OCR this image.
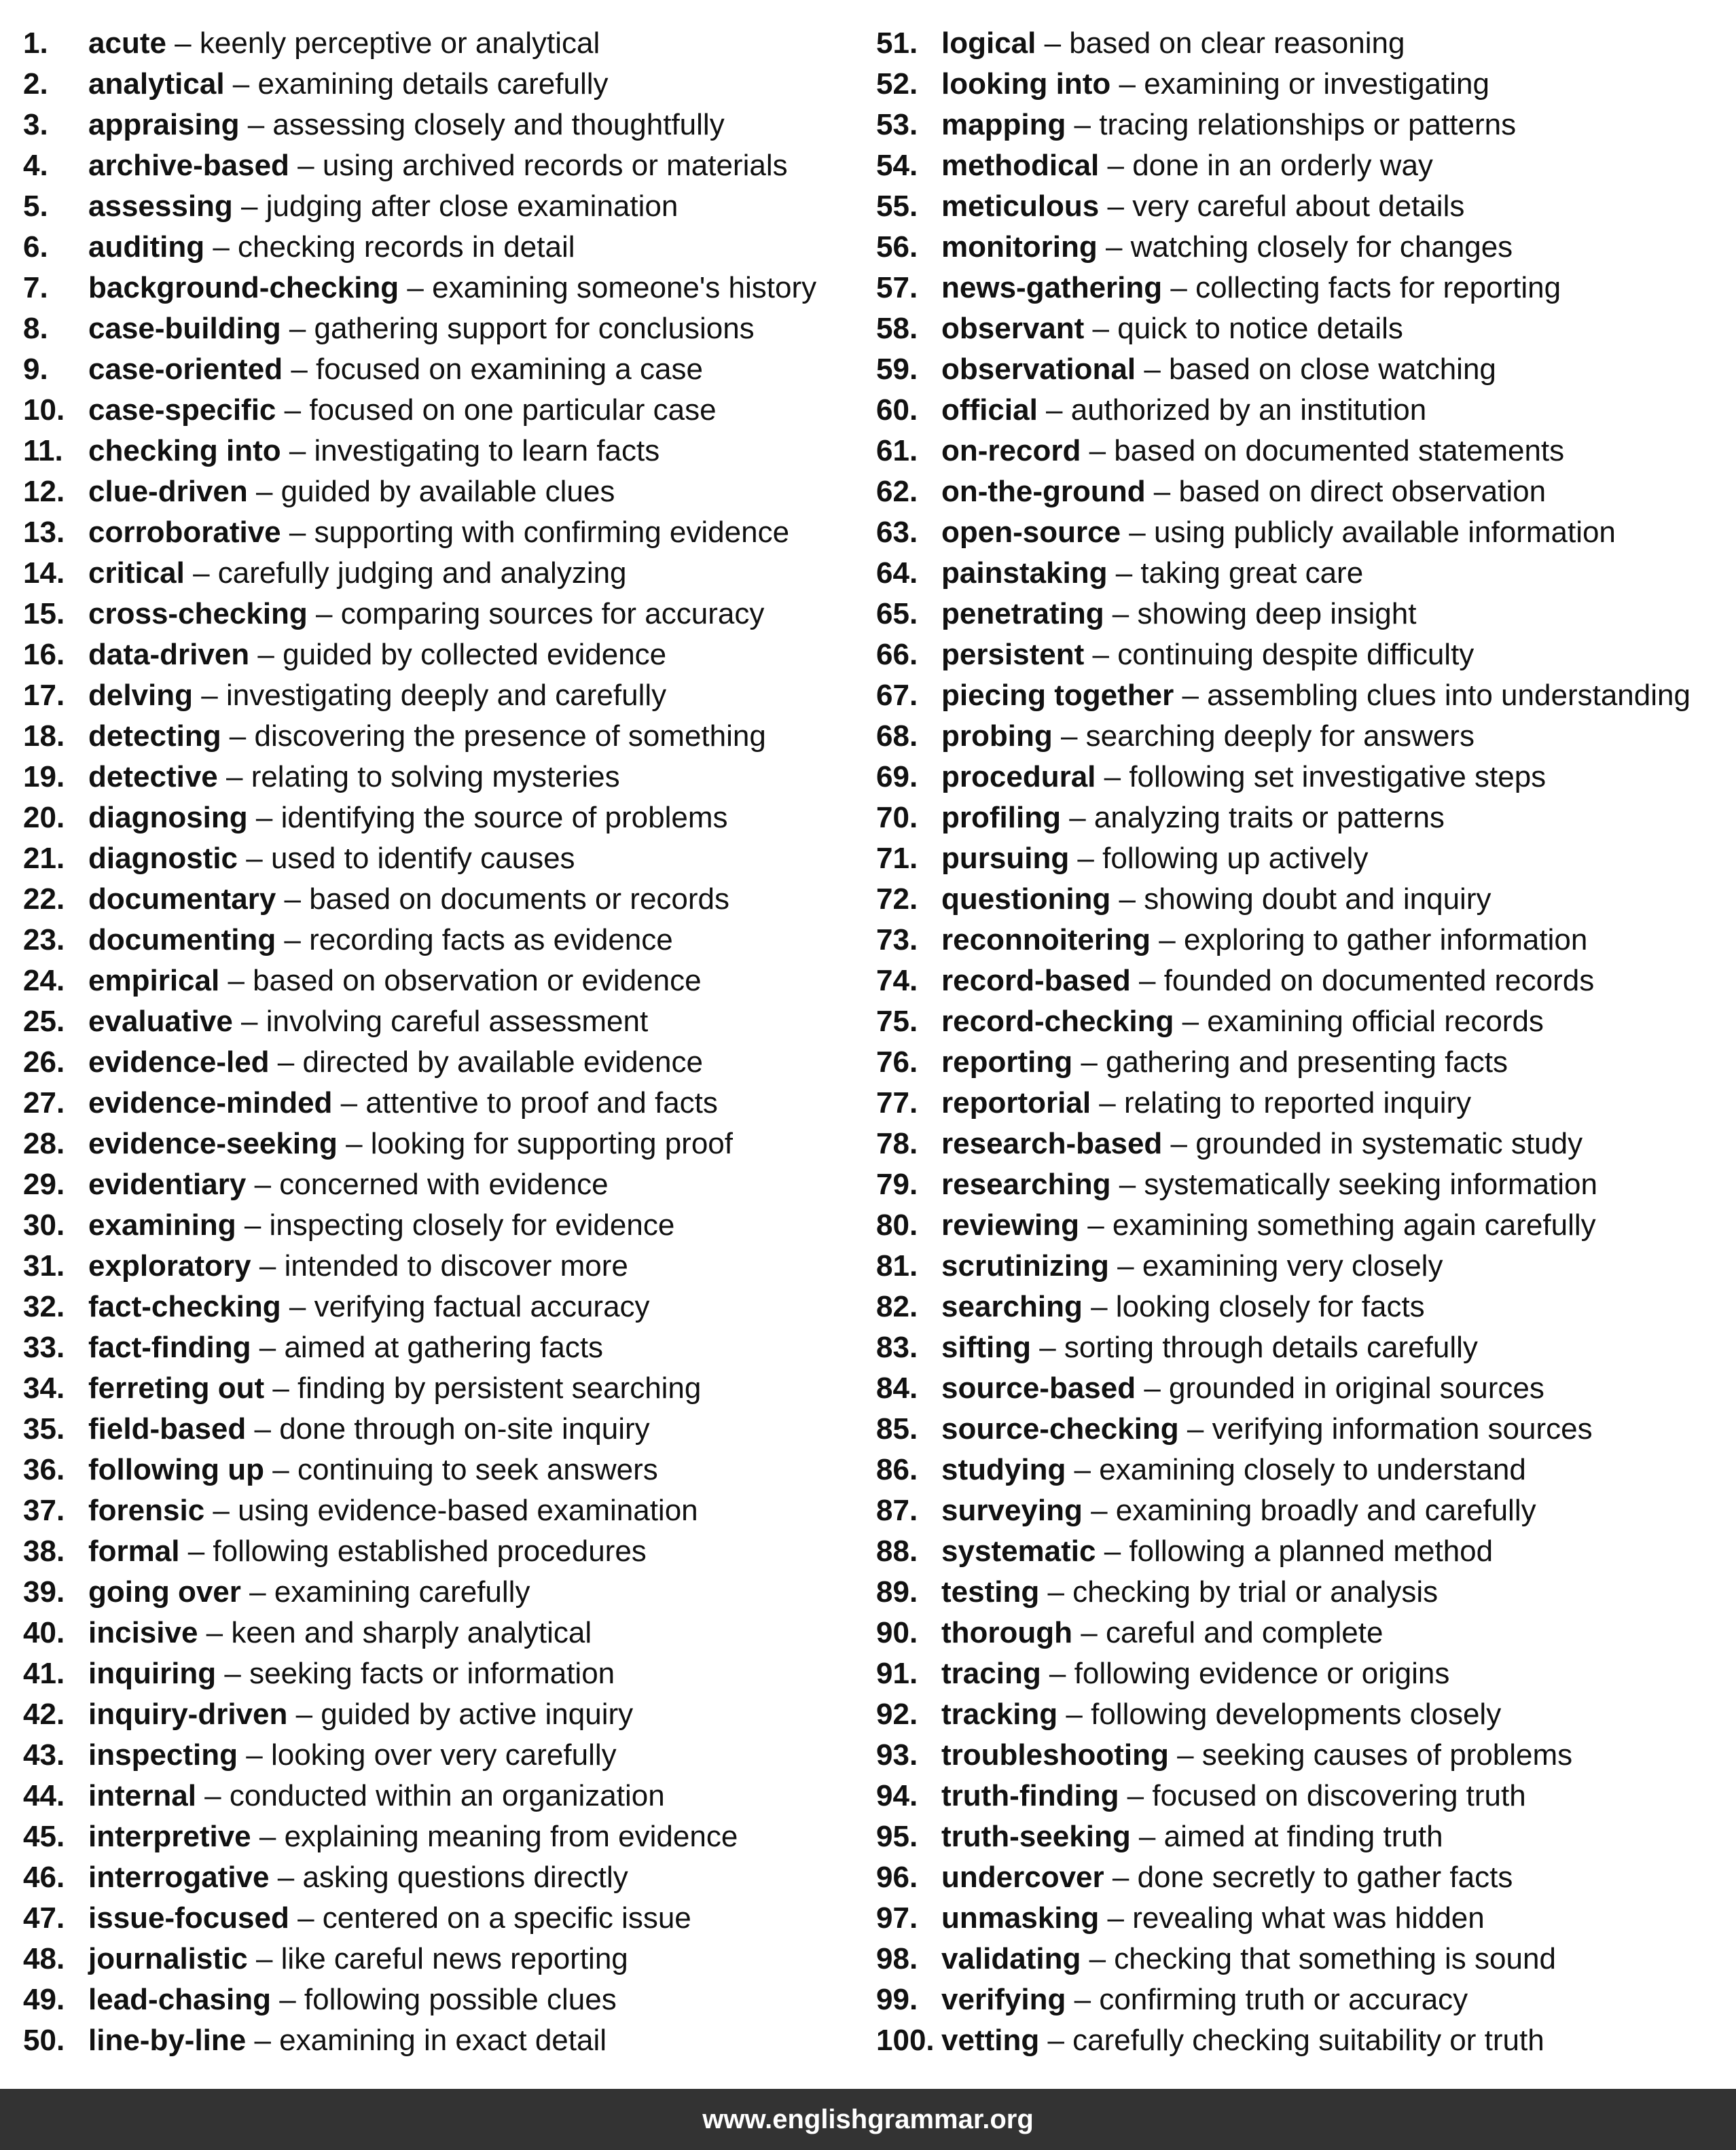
1. acute – keenly perceptive or analytical
2. analytical – examining details carefully
3. appraising – assessing closely and thoughtfully
4. archive-based – using archived records or materials
5. assessing – judging after close examination
6. auditing – checking records in detail
7. background-checking – examining someone's history
8. case-building – gathering support for conclusions
9. case-oriented – focused on examining a case
10. case-specific – focused on one particular case
11. checking into – investigating to learn facts
12. clue-driven – guided by available clues
13. corroborative – supporting with confirming evidence
14. critical – carefully judging and analyzing
15. cross-checking – comparing sources for accuracy
16. data-driven – guided by collected evidence
17. delving – investigating deeply and carefully
18. detecting – discovering the presence of something
19. detective – relating to solving mysteries
20. diagnosing – identifying the source of problems
21. diagnostic – used to identify causes
22. documentary – based on documents or records
23. documenting – recording facts as evidence
24. empirical – based on observation or evidence
25. evaluative – involving careful assessment
26. evidence-led – directed by available evidence
27. evidence-minded – attentive to proof and facts
28. evidence-seeking – looking for supporting proof
29. evidentiary – concerned with evidence
30. examining – inspecting closely for evidence
31. exploratory – intended to discover more
32. fact-checking – verifying factual accuracy
33. fact-finding – aimed at gathering facts
34. ferreting out – finding by persistent searching
35. field-based – done through on-site inquiry
36. following up – continuing to seek answers
37. forensic – using evidence-based examination
38. formal – following established procedures
39. going over – examining carefully
40. incisive – keen and sharply analytical
41. inquiring – seeking facts or information
42. inquiry-driven – guided by active inquiry
43. inspecting – looking over very carefully
44. internal – conducted within an organization
45. interpretive – explaining meaning from evidence
46. interrogative – asking questions directly
47. issue-focused – centered on a specific issue
48. journalistic – like careful news reporting
49. lead-chasing – following possible clues
50. line-by-line – examining in exact detail
51. logical – based on clear reasoning
52. looking into – examining or investigating
53. mapping – tracing relationships or patterns
54. methodical – done in an orderly way
55. meticulous – very careful about details
56. monitoring – watching closely for changes
57. news-gathering – collecting facts for reporting
58. observant – quick to notice details
59. observational – based on close watching
60. official – authorized by an institution
61. on-record – based on documented statements
62. on-the-ground – based on direct observation
63. open-source – using publicly available information
64. painstaking – taking great care
65. penetrating – showing deep insight
66. persistent – continuing despite difficulty
67. piecing together – assembling clues into understanding
68. probing – searching deeply for answers
69. procedural – following set investigative steps
70. profiling – analyzing traits or patterns
71. pursuing – following up actively
72. questioning – showing doubt and inquiry
73. reconnoitering – exploring to gather information
74. record-based – founded on documented records
75. record-checking – examining official records
76. reporting – gathering and presenting facts
77. reportorial – relating to reported inquiry
78. research-based – grounded in systematic study
79. researching – systematically seeking information
80. reviewing – examining something again carefully
81. scrutinizing – examining very closely
82. searching – looking closely for facts
83. sifting – sorting through details carefully
84. source-based – grounded in original sources
85. source-checking – verifying information sources
86. studying – examining closely to understand
87. surveying – examining broadly and carefully
88. systematic – following a planned method
89. testing – checking by trial or analysis
90. thorough – careful and complete
91. tracing – following evidence or origins
92. tracking – following developments closely
93. troubleshooting – seeking causes of problems
94. truth-finding – focused on discovering truth
95. truth-seeking – aimed at finding truth
96. undercover – done secretly to gather facts
97. unmasking – revealing what was hidden
98. validating – checking that something is sound
99. verifying – confirming truth or accuracy
100. vetting – carefully checking suitability or truth
www.englishgrammar.org
